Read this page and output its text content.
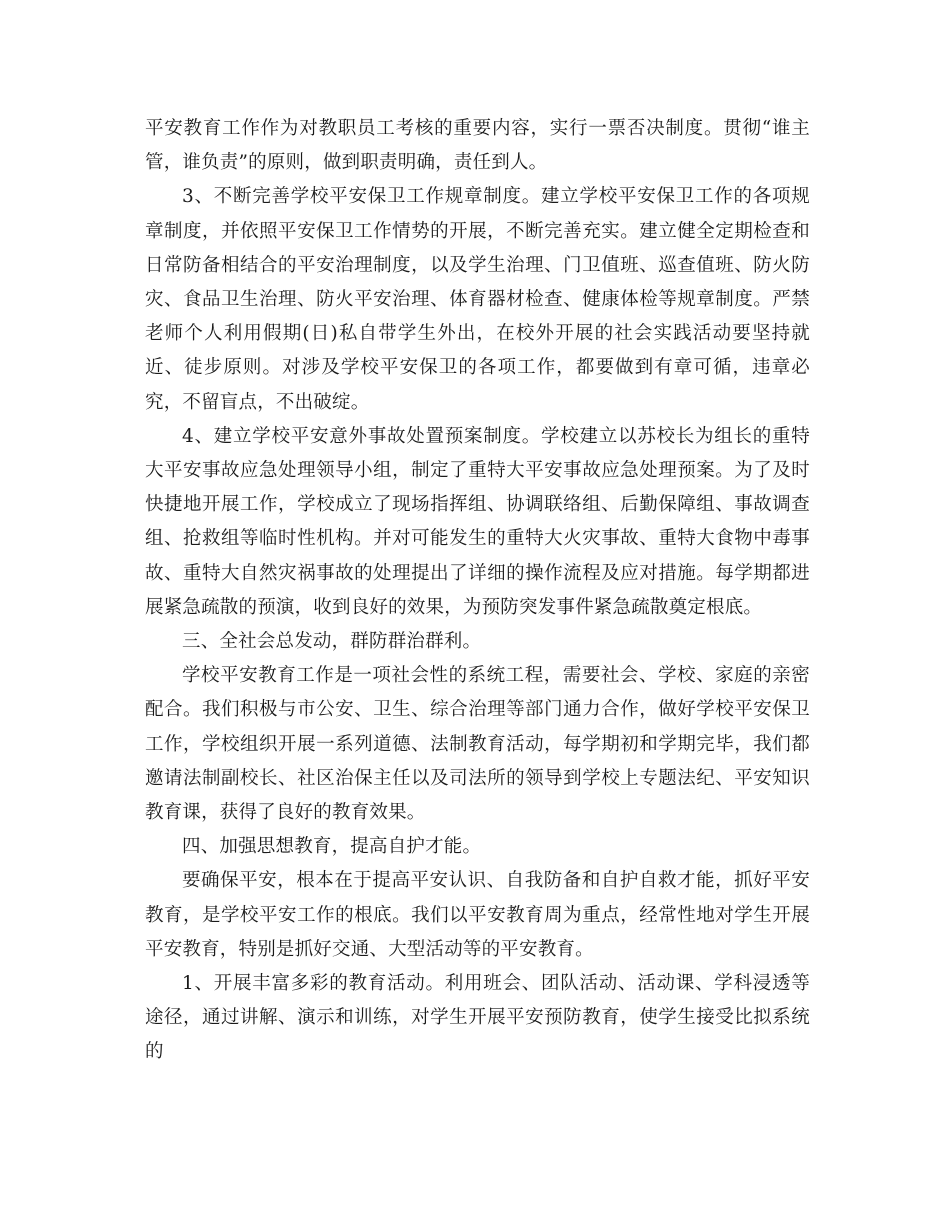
平安教育工作作为对教职员工考核的重要内容，实行一票否决制度。贯彻“谁主管，谁负责”的原则，做到职责明确，责任到人。

3、不断完善学校平安保卫工作规章制度。建立学校平安保卫工作的各项规章制度，并依照平安保卫工作情势的开展，不断完善充实。建立健全定期检查和日常防备相结合的平安治理制度，以及学生治理、门卫值班、巡查值班、防火防灾、食品卫生治理、防火平安治理、体育器材检查、健康体检等规章制度。严禁老师个人利用假期(日)私自带学生外出，在校外开展的社会实践活动要坚持就近、徒步原则。对涉及学校平安保卫的各项工作，都要做到有章可循，违章必究，不留盲点，不出破绽。

4、建立学校平安意外事故处置预案制度。学校建立以苏校长为组长的重特大平安事故应急处理领导小组，制定了重特大平安事故应急处理预案。为了及时快捷地开展工作，学校成立了现场指挥组、协调联络组、后勤保障组、事故调查组、抢救组等临时性机构。并对可能发生的重特大火灾事故、重特大食物中毒事故、重特大自然灾祸事故的处理提出了详细的操作流程及应对措施。每学期都进展紧急疏散的预演，收到良好的效果，为预防突发事件紧急疏散奠定根底。

三、全社会总发动，群防群治群利。

学校平安教育工作是一项社会性的系统工程，需要社会、学校、家庭的亲密配合。我们积极与市公安、卫生、综合治理等部门通力合作，做好学校平安保卫工作，学校组织开展一系列道德、法制教育活动，每学期初和学期完毕，我们都邀请法制副校长、社区治保主任以及司法所的领导到学校上专题法纪、平安知识教育课，获得了良好的教育效果。

四、加强思想教育，提高自护才能。

要确保平安，根本在于提高平安认识、自我防备和自护自救才能，抓好平安教育，是学校平安工作的根底。我们以平安教育周为重点，经常性地对学生开展平安教育，特别是抓好交通、大型活动等的平安教育。

1、开展丰富多彩的教育活动。利用班会、团队活动、活动课、学科浸透等途径，通过讲解、演示和训练，对学生开展平安预防教育，使学生接受比拟系统的
